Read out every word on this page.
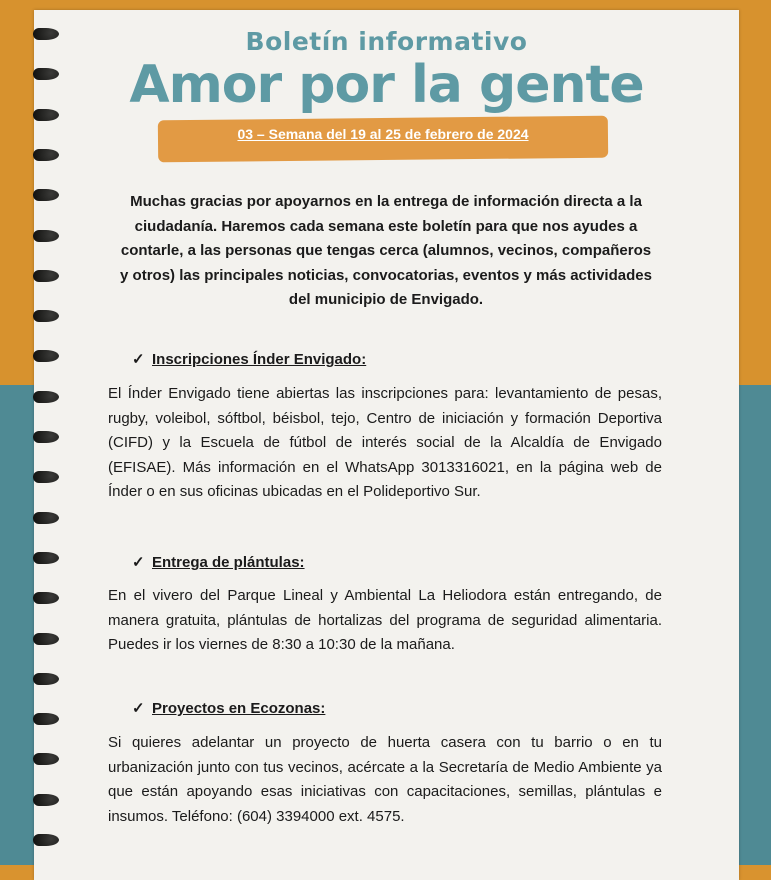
Boletín informativo
Amor por la gente
03 – Semana del 19 al 25 de febrero de 2024
Muchas gracias por apoyarnos en la entrega de información directa a la ciudadanía. Haremos cada semana este boletín para que nos ayudes a contarle, a las personas que tengas cerca (alumnos, vecinos, compañeros y otros) las principales noticias, convocatorias, eventos y más actividades del municipio de Envigado.
✓ Inscripciones Índer Envigado:
El Índer Envigado tiene abiertas las inscripciones para: levantamiento de pesas, rugby, voleibol, sóftbol, béisbol, tejo, Centro de iniciación y formación Deportiva (CIFD) y la Escuela de fútbol de interés social de la Alcaldía de Envigado (EFISAE). Más información en el WhatsApp 3013316021, en la página web de Índer o en sus oficinas ubicadas en el Polideportivo Sur.
✓ Entrega de plántulas:
En el vivero del Parque Lineal y Ambiental La Heliodora están entregando, de manera gratuita, plántulas de hortalizas del programa de seguridad alimentaria. Puedes ir los viernes de 8:30 a 10:30 de la mañana.
✓ Proyectos en Ecozonas:
Si quieres adelantar un proyecto de huerta casera con tu barrio o en tu urbanización junto con tus vecinos, acércate a la Secretaría de Medio Ambiente ya que están apoyando esas iniciativas con capacitaciones, semillas, plántulas e insumos. Teléfono: (604) 3394000 ext. 4575.
